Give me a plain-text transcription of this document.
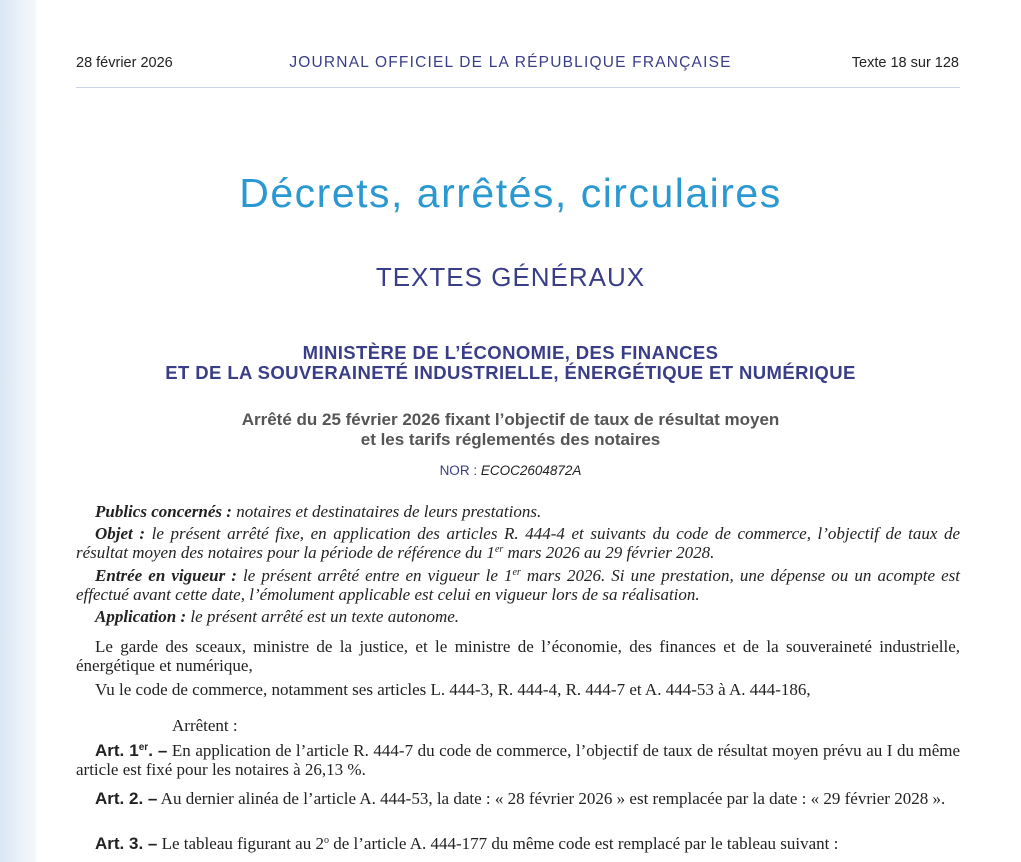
28 février 2026	JOURNAL OFFICIEL DE LA RÉPUBLIQUE FRANÇAISE	Texte 18 sur 128
Décrets, arrêtés, circulaires
TEXTES GÉNÉRAUX
MINISTÈRE DE L’ÉCONOMIE, DES FINANCES
ET DE LA SOUVERAINETÉ INDUSTRIELLE, ÉNERGÉTIQUE ET NUMÉRIQUE
Arrêté du 25 février 2026 fixant l’objectif de taux de résultat moyen
et les tarifs réglementés des notaires
NOR : ECOC2604872A
Publics concernés : notaires et destinataires de leurs prestations.
Objet : le présent arrêté fixe, en application des articles R. 444-4 et suivants du code de commerce, l’objectif de taux de résultat moyen des notaires pour la période de référence du 1er mars 2026 au 29 février 2028.
Entrée en vigueur : le présent arrêté entre en vigueur le 1er mars 2026. Si une prestation, une dépense ou un acompte est effectué avant cette date, l’émolument applicable est celui en vigueur lors de sa réalisation.
Application : le présent arrêté est un texte autonome.
Le garde des sceaux, ministre de la justice, et le ministre de l’économie, des finances et de la souveraineté industrielle, énergétique et numérique,
Vu le code de commerce, notamment ses articles L. 444-3, R. 444-4, R. 444-7 et A. 444-53 à A. 444-186,
Arrêtent :
Art. 1er. – En application de l’article R. 444-7 du code de commerce, l’objectif de taux de résultat moyen prévu au I du même article est fixé pour les notaires à 26,13 %.
Art. 2. – Au dernier alinéa de l’article A. 444-53, la date : « 28 février 2026 » est remplacée par la date : « 29 février 2028 ».
Art. 3. – Le tableau figurant au 2$^o$ de l’article A. 444-177 du même code est remplacé par le tableau suivant :
